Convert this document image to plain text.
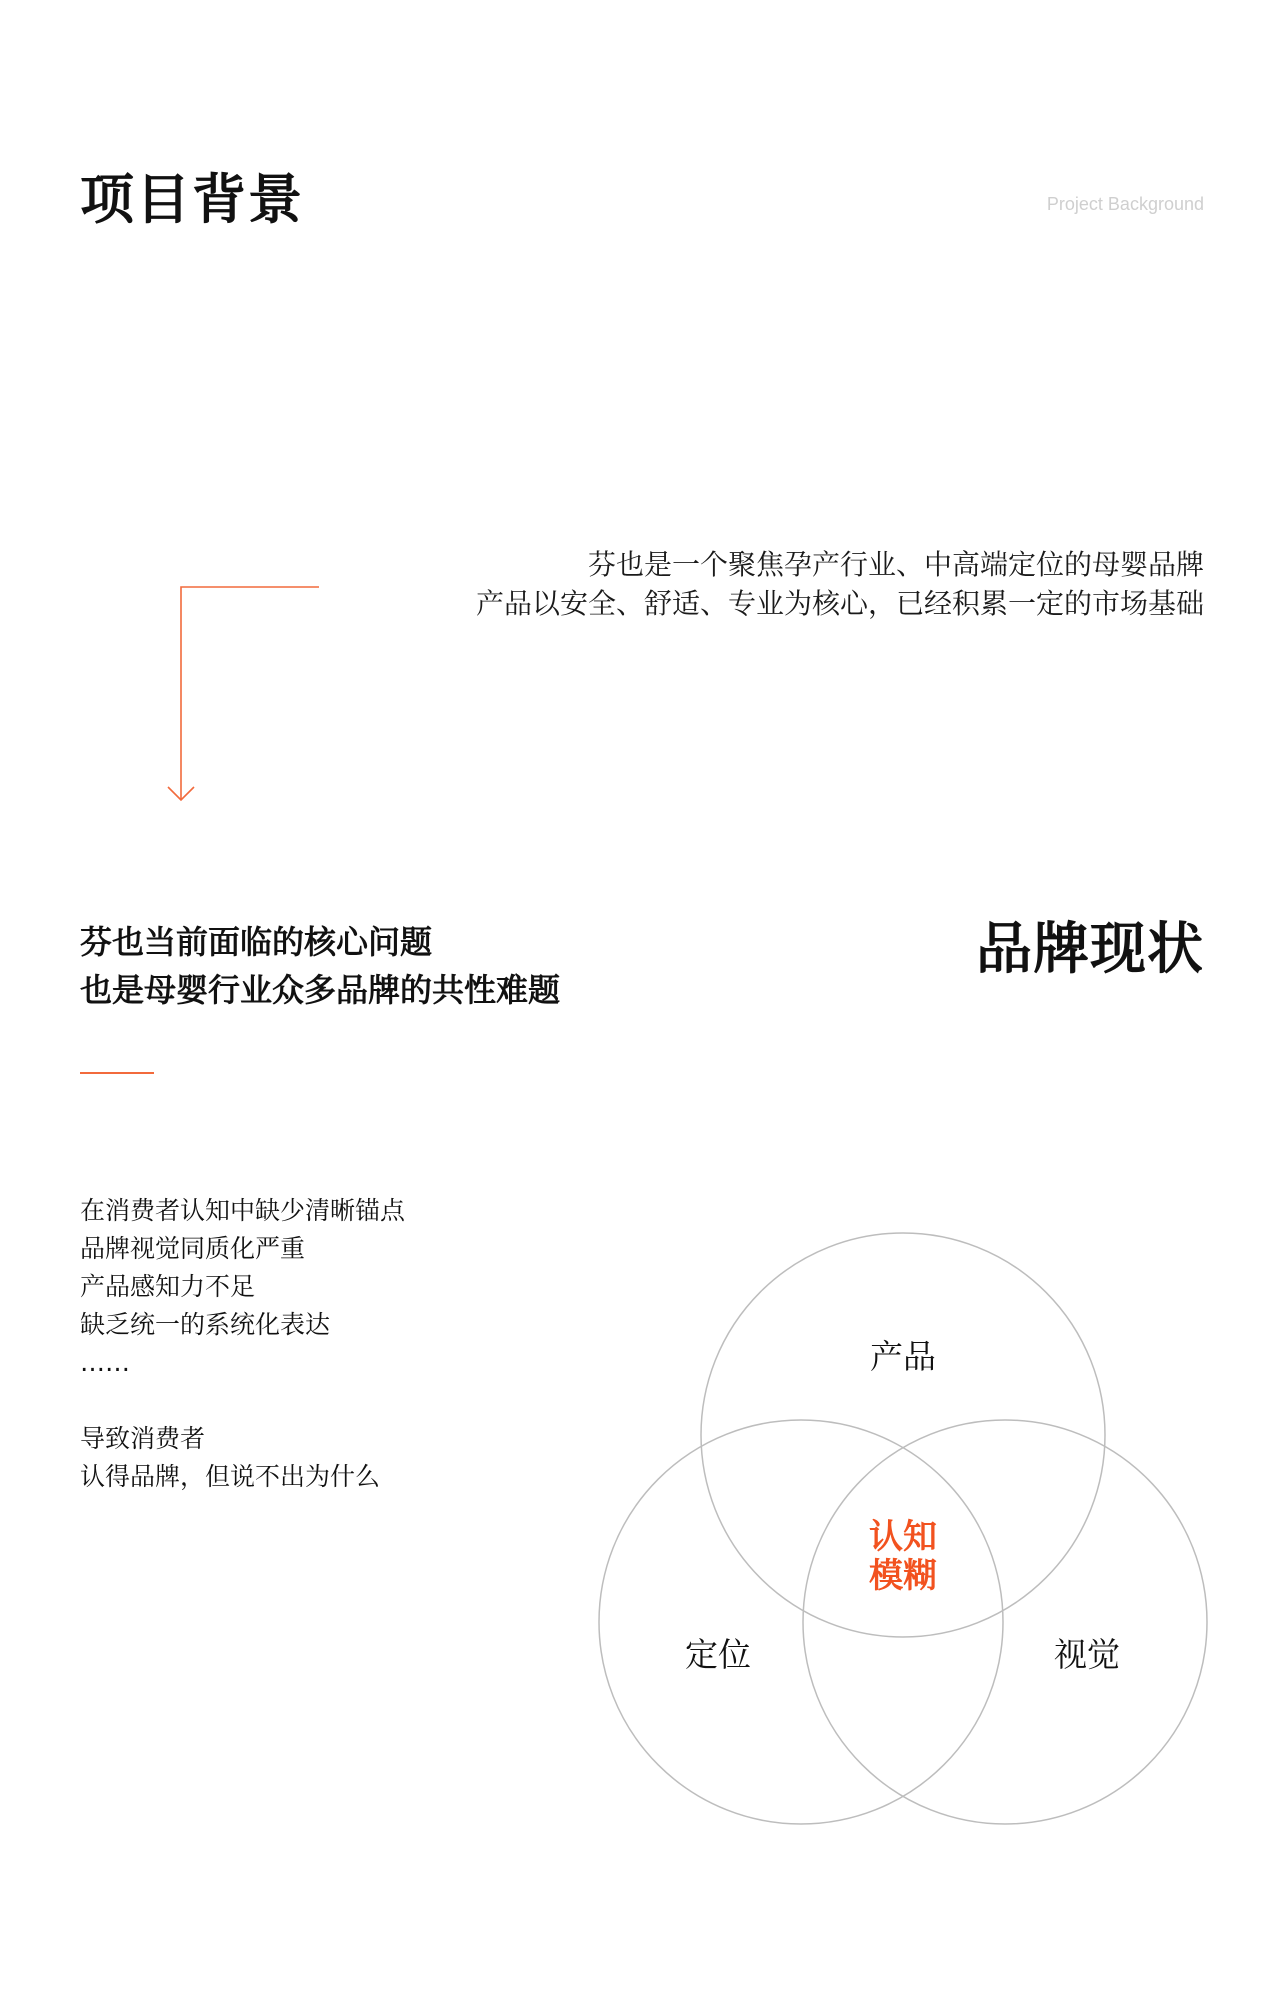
项目背景	Project Background
芬也是一个聚焦孕产行业、中高端定位的母婴品牌
产品以安全、舒适、专业为核心，已经积累一定的市场基础
芬也当前面临的核心问题
也是母婴行业众多品牌的共性难题
品牌现状
在消费者认知中缺少清晰锚点
品牌视觉同质化严重
产品感知力不足
缺乏统一的系统化表达
……
导致消费者
认得品牌，但说不出为什么
产品
定位	视觉
认知
模糊
